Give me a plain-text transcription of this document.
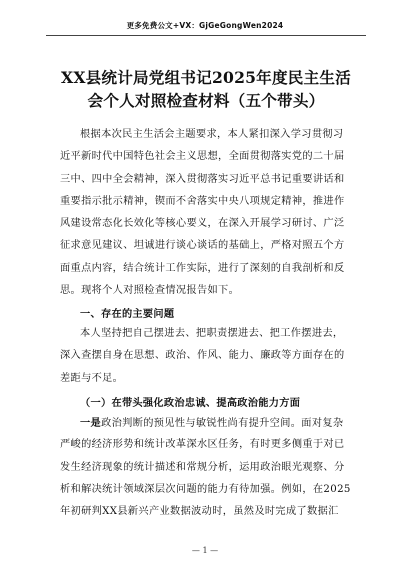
更多免费公文+VX：GjGeGongWen2024
XX县统计局党组书记2025年度民主生活
会个人对照检查材料（五个带头）
根据本次民主生活会主题要求，本人紧扣深入学习贯彻习
近平新时代中国特色社会主义思想，全面贯彻落实党的二十届
三中、四中全会精神，深入贯彻落实习近平总书记重要讲话和
重要指示批示精神，锲而不舍落实中央八项规定精神，推进作
风建设常态化长效化等核心要义，在深入开展学习研讨、广泛
征求意见建议、坦诚进行谈心谈话的基础上，严格对照五个方
面重点内容，结合统计工作实际，进行了深刻的自我剖析和反
思。现将个人对照检查情况报告如下。
一、存在的主要问题
本人坚持把自己摆进去、把职责摆进去、把工作摆进去，
深入查摆自身在思想、政治、作风、能力、廉政等方面存在的
差距与不足。
（一）在带头强化政治忠诚、提高政治能力方面
一是政治判断的预见性与敏锐性尚有提升空间。面对复杂
严峻的经济形势和统计改革深水区任务，有时更多侧重于对已
发生经济现象的统计描述和常规分析，运用政治眼光观察、分
析和解决统计领域深层次问题的能力有待加强。例如，在2025
年初研判XX县新兴产业数据波动时，虽然及时完成了数据汇
— 1 —
